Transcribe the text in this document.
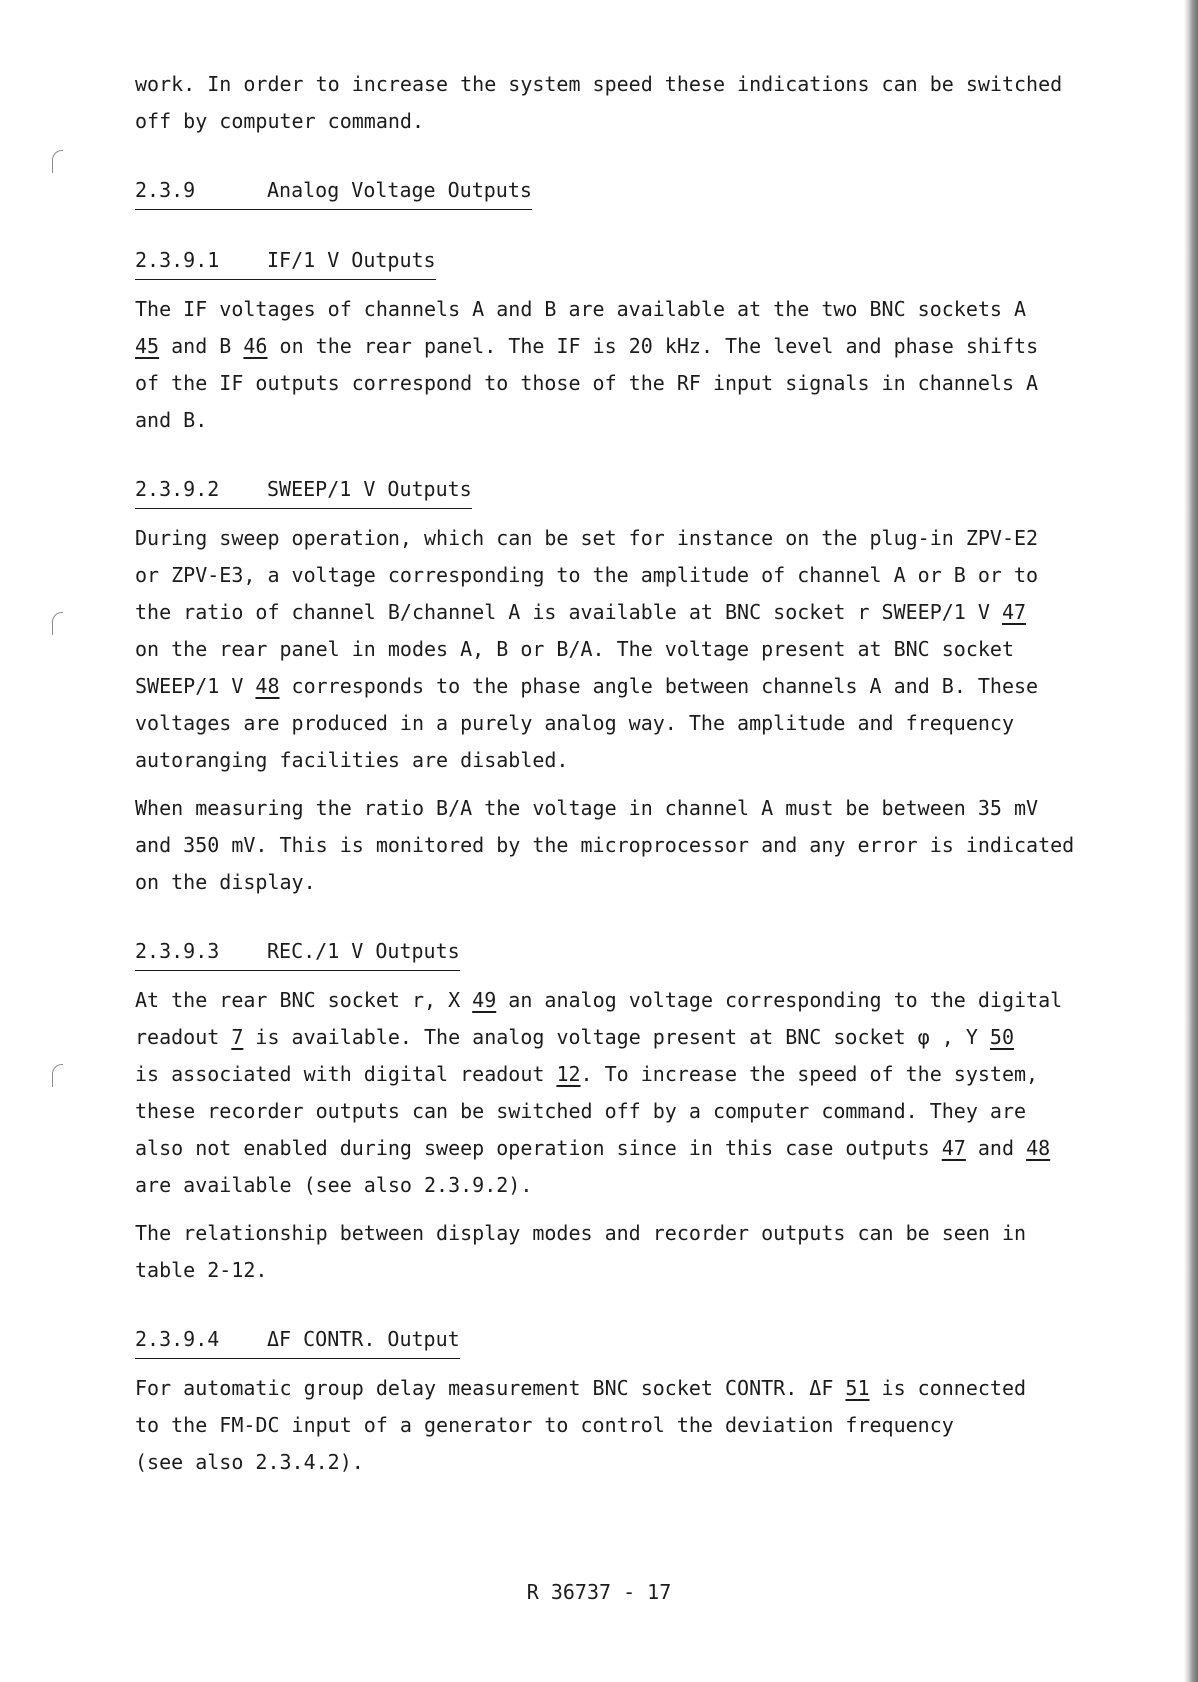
work. In order to increase the system speed these indications can be switched
off by computer command.

2.3.9	Analog Voltage Outputs
2.3.9.1 IF/1 V Outputs

The IF voltages of channels A and B are available at the two BNC sockets A
45 and B 46 on the rear panel. The IF is 20 kHz. The level and phase shifts
of the IF outputs correspond to those of the RF input signals in channels A
and B.

2.3.9.2 SWEEP/1 V Outputs

During sweep operation, which can be set for instance on the plug-in ZPV-E2
or ZPV-E3, a voltage corresponding to the amplitude of channel A or B or to
the ratio of channel B/channel A is available at BNC socket r SWEEP/1 V 47
on the rear panel in modes A, B or B/A. The voltage present at BNC socket
SWEEP/1 V 48 corresponds to the phase angle between channels A and B. These
voltages are produced in a purely analog way. The amplitude and frequency
autoranging facilities are disabled.

When measuring the ratio B/A the voltage in channel A must be between 35 mV
and 350 mV. This is monitored by the microprocessor and any error is indicated
on the display.

2.3.9.3 REC./1 V Outputs

At the rear BNC socket r, X 49 an analog voltage corresponding to the digital
readout 7 is available. The analog voltage present at BNC socket φ , Y 50
is associated with digital readout 12. To increase the speed of the system,
these recorder outputs can be switched off by a computer command. They are
also not enabled during sweep operation since in this case outputs 47 and 48
are available (see also 2.3.9.2).

The relationship between display modes and recorder outputs can be seen in
table 2-12.

2.3.9.4 ΔF CONTR. Output

For automatic group delay measurement BNC socket CONTR. ΔF 51 is connected
to the FM-DC input of a generator to control the deviation frequency
(see also 2.3.4.2).

R 36737 - 17
